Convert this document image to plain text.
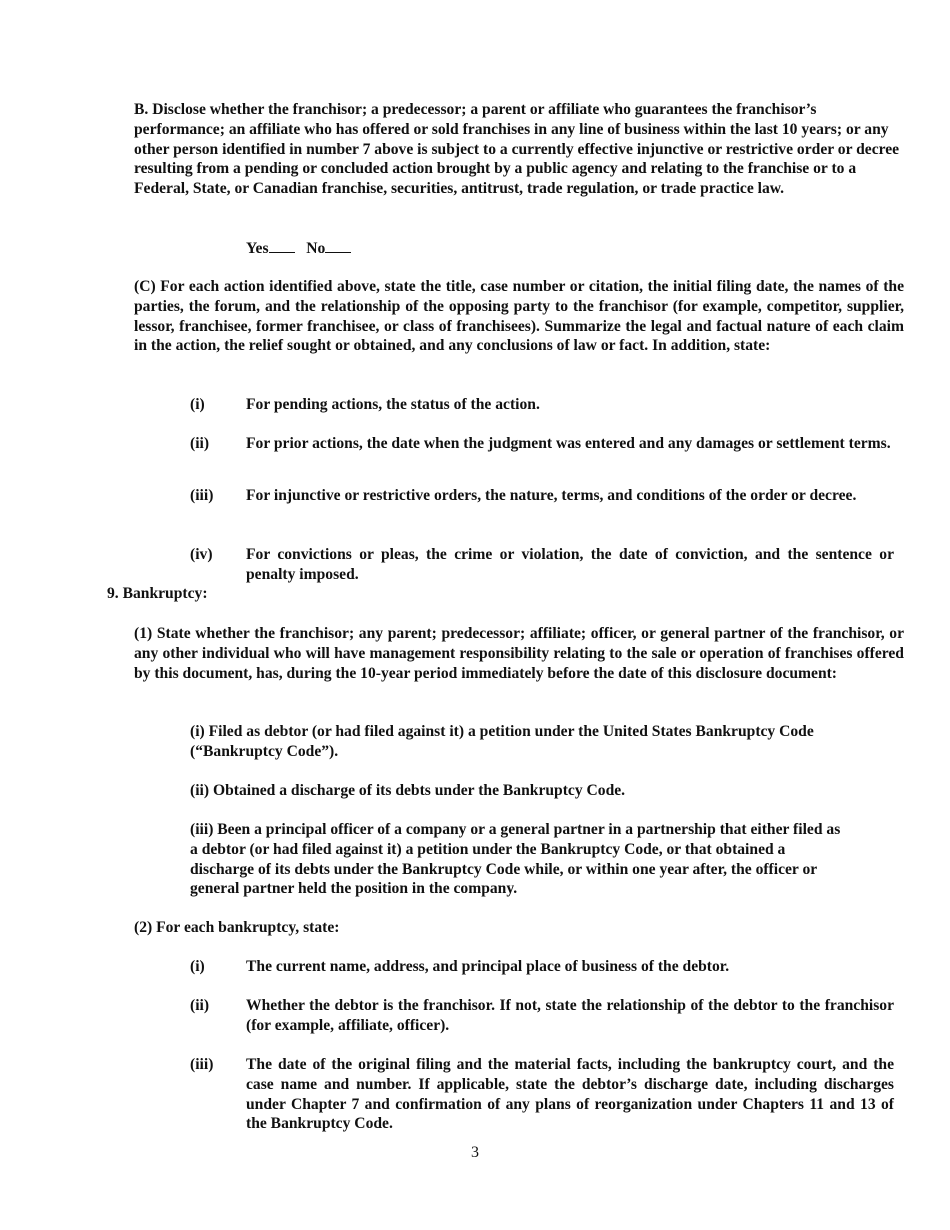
B. Disclose whether the franchisor; a predecessor; a parent or affiliate who guarantees the franchisor’s performance; an affiliate who has offered or sold franchises in any line of business within the last 10 years; or any other person identified in number 7 above is subject to a currently effective injunctive or restrictive order or decree resulting from a pending or concluded action brought by a public agency and relating to the franchise or to a Federal, State, or Canadian franchise, securities, antitrust, trade regulation, or trade practice law.
Yes No
(C) For each action identified above, state the title, case number or citation, the initial filing date, the names of the parties, the forum, and the relationship of the opposing party to the franchisor (for example, competitor, supplier, lessor, franchisee, former franchisee, or class of franchisees). Summarize the legal and factual nature of each claim in the action, the relief sought or obtained, and any conclusions of law or fact. In addition, state:
(i)	For pending actions, the status of the action.
(ii)	For prior actions, the date when the judgment was entered and any damages or settlement terms.
(iii)	For injunctive or restrictive orders, the nature, terms, and conditions of the order or decree.
(iv)	For convictions or pleas, the crime or violation, the date of conviction, and the sentence or penalty imposed.
9. Bankruptcy:
(1) State whether the franchisor; any parent; predecessor; affiliate; officer, or general partner of the franchisor, or any other individual who will have management responsibility relating to the sale or operation of franchises offered by this document, has, during the 10-year period immediately before the date of this disclosure document:
(i) Filed as debtor (or had filed against it) a petition under the United States Bankruptcy Code (“Bankruptcy Code”).
(ii) Obtained a discharge of its debts under the Bankruptcy Code.
(iii) Been a principal officer of a company or a general partner in a partnership that either filed as a debtor (or had filed against it) a petition under the Bankruptcy Code, or that obtained a discharge of its debts under the Bankruptcy Code while, or within one year after, the officer or general partner held the position in the company.
(2) For each bankruptcy, state:
(i)	The current name, address, and principal place of business of the debtor.
(ii)	Whether the debtor is the franchisor. If not, state the relationship of the debtor to the franchisor (for example, affiliate, officer).
(iii)	The date of the original filing and the material facts, including the bankruptcy court, and the case name and number. If applicable, state the debtor’s discharge date, including discharges under Chapter 7 and confirmation of any plans of reorganization under Chapters 11 and 13 of the Bankruptcy Code.
3
